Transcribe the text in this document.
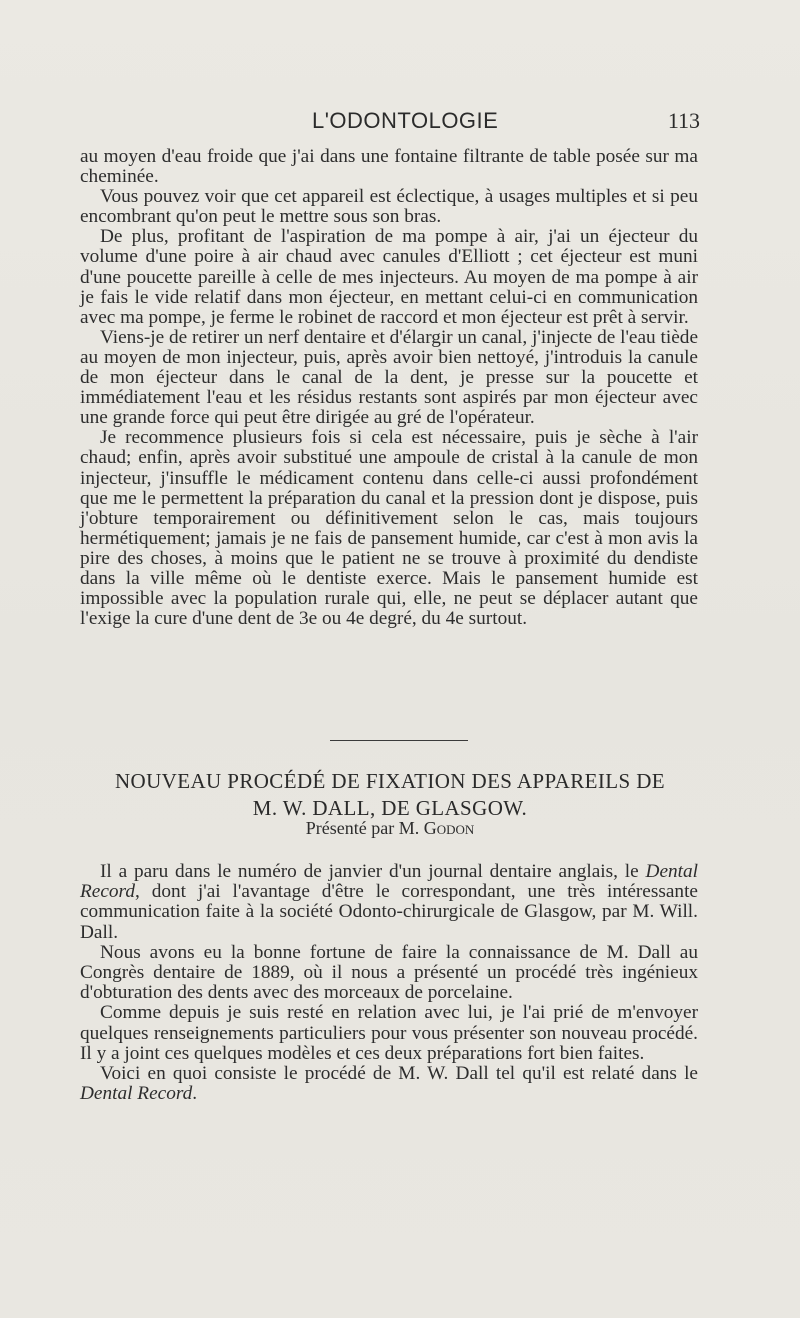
L'ODONTOLOGIE	113

au moyen d'eau froide que j'ai dans une fontaine filtrante de table posée sur ma cheminée.

Vous pouvez voir que cet appareil est éclectique, à usages multiples et si peu encombrant qu'on peut le mettre sous son bras.

De plus, profitant de l'aspiration de ma pompe à air, j'ai un éjecteur du volume d'une poire à air chaud avec canules d'Elliott ; cet éjecteur est muni d'une poucette pareille à celle de mes injecteurs. Au moyen de ma pompe à air je fais le vide relatif dans mon éjecteur, en mettant celui-ci en communication avec ma pompe, je ferme le robinet de raccord et mon éjecteur est prêt à servir.

Viens-je de retirer un nerf dentaire et d'élargir un canal, j'injecte de l'eau tiède au moyen de mon injecteur, puis, après avoir bien nettoyé, j'introduis la canule de mon éjecteur dans le canal de la dent, je presse sur la poucette et immédiatement l'eau et les résidus restants sont aspirés par mon éjecteur avec une grande force qui peut être dirigée au gré de l'opérateur.

Je recommence plusieurs fois si cela est nécessaire, puis je sèche à l'air chaud; enfin, après avoir substitué une ampoule de cristal à la canule de mon injecteur, j'insuffle le médicament contenu dans celle-ci aussi profondément que me le permettent la préparation du canal et la pression dont je dispose, puis j'obture temporairement ou définitivement selon le cas, mais toujours hermétiquement; jamais je ne fais de pansement humide, car c'est à mon avis la pire des choses, à moins que le patient ne se trouve à proximité du dendiste dans la ville même où le dentiste exerce. Mais le pansement humide est impossible avec la population rurale qui, elle, ne peut se déplacer autant que l'exige la cure d'une dent de 3e ou 4e degré, du 4e surtout.

NOUVEAU PROCÉDÉ DE FIXATION DES APPAREILS DE
M. W. DALL, DE GLASGOW.
Présenté par M. Godon

Il a paru dans le numéro de janvier d'un journal dentaire anglais, le Dental Record, dont j'ai l'avantage d'être le correspondant, une très intéressante communication faite à la société Odonto-chirurgicale de Glasgow, par M. Will. Dall.

Nous avons eu la bonne fortune de faire la connaissance de M. Dall au Congrès dentaire de 1889, où il nous a présenté un procédé très ingénieux d'obturation des dents avec des morceaux de porcelaine.

Comme depuis je suis resté en relation avec lui, je l'ai prié de m'envoyer quelques renseignements particuliers pour vous présenter son nouveau procédé. Il y a joint ces quelques modèles et ces deux préparations fort bien faites.

Voici en quoi consiste le procédé de M. W. Dall tel qu'il est relaté dans le Dental Record.
